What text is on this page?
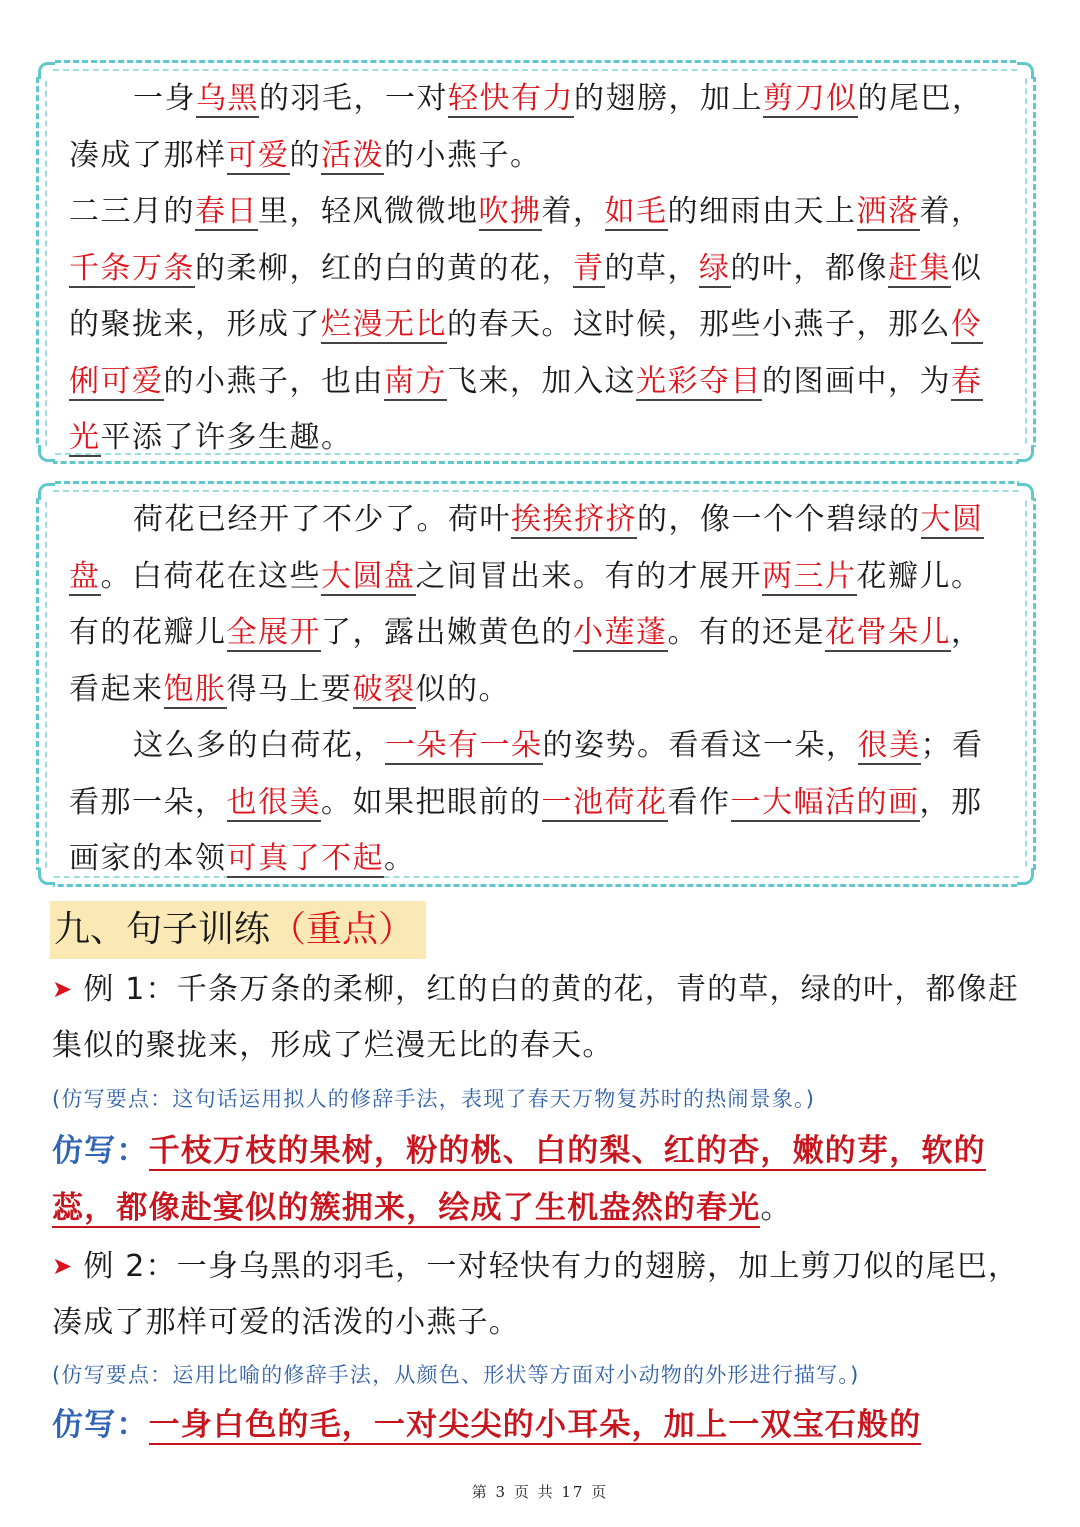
一身乌黑的羽毛，一对轻快有力的翅膀，加上剪刀似的尾巴，凑成了那样可爱的活泼的小燕子。

二三月的春日里，轻风微微地吹拂着，如毛的细雨由天上洒落着，千条万条的柔柳，红的白的黄的花，青的草，绿的叶，都像赶集似的聚拢来，形成了烂漫无比的春天。这时候，那些小燕子，那么伶俐可爱的小燕子，也由南方飞来，加入这光彩夺目的图画中，为春光平添了许多生趣。

荷花已经开了不少了。荷叶挨挨挤挤的，像一个个碧绿的大圆盘。白荷花在这些大圆盘之间冒出来。有的才展开两三片花瓣儿。有的花瓣儿全展开了，露出嫩黄色的小莲蓬。有的还是花骨朵儿，看起来饱胀得马上要破裂似的。

这么多的白荷花，一朵有一朵的姿势。看看这一朵，很美；看看那一朵，也很美。如果把眼前的一池荷花看作一大幅活的画，那画家的本领可真了不起。

九、句子训练（重点）
➤ 例 1：千条万条的柔柳，红的白的黄的花，青的草，绿的叶，都像赶集似的聚拢来，形成了烂漫无比的春天。
(仿写要点：这句话运用拟人的修辞手法，表现了春天万物复苏时的热闹景象。)
仿写：千枝万枝的果树，粉的桃、白的梨、红的杏，嫩的芽，软的蕊，都像赴宴似的簇拥来，绘成了生机盎然的春光。
➤ 例 2：一身乌黑的羽毛，一对轻快有力的翅膀，加上剪刀似的尾巴，凑成了那样可爱的活泼的小燕子。
(仿写要点：运用比喻的修辞手法，从颜色、形状等方面对小动物的外形进行描写。)
仿写：一身白色的毛，一对尖尖的小耳朵，加上一双宝石般的
第 3 页 共 17 页
